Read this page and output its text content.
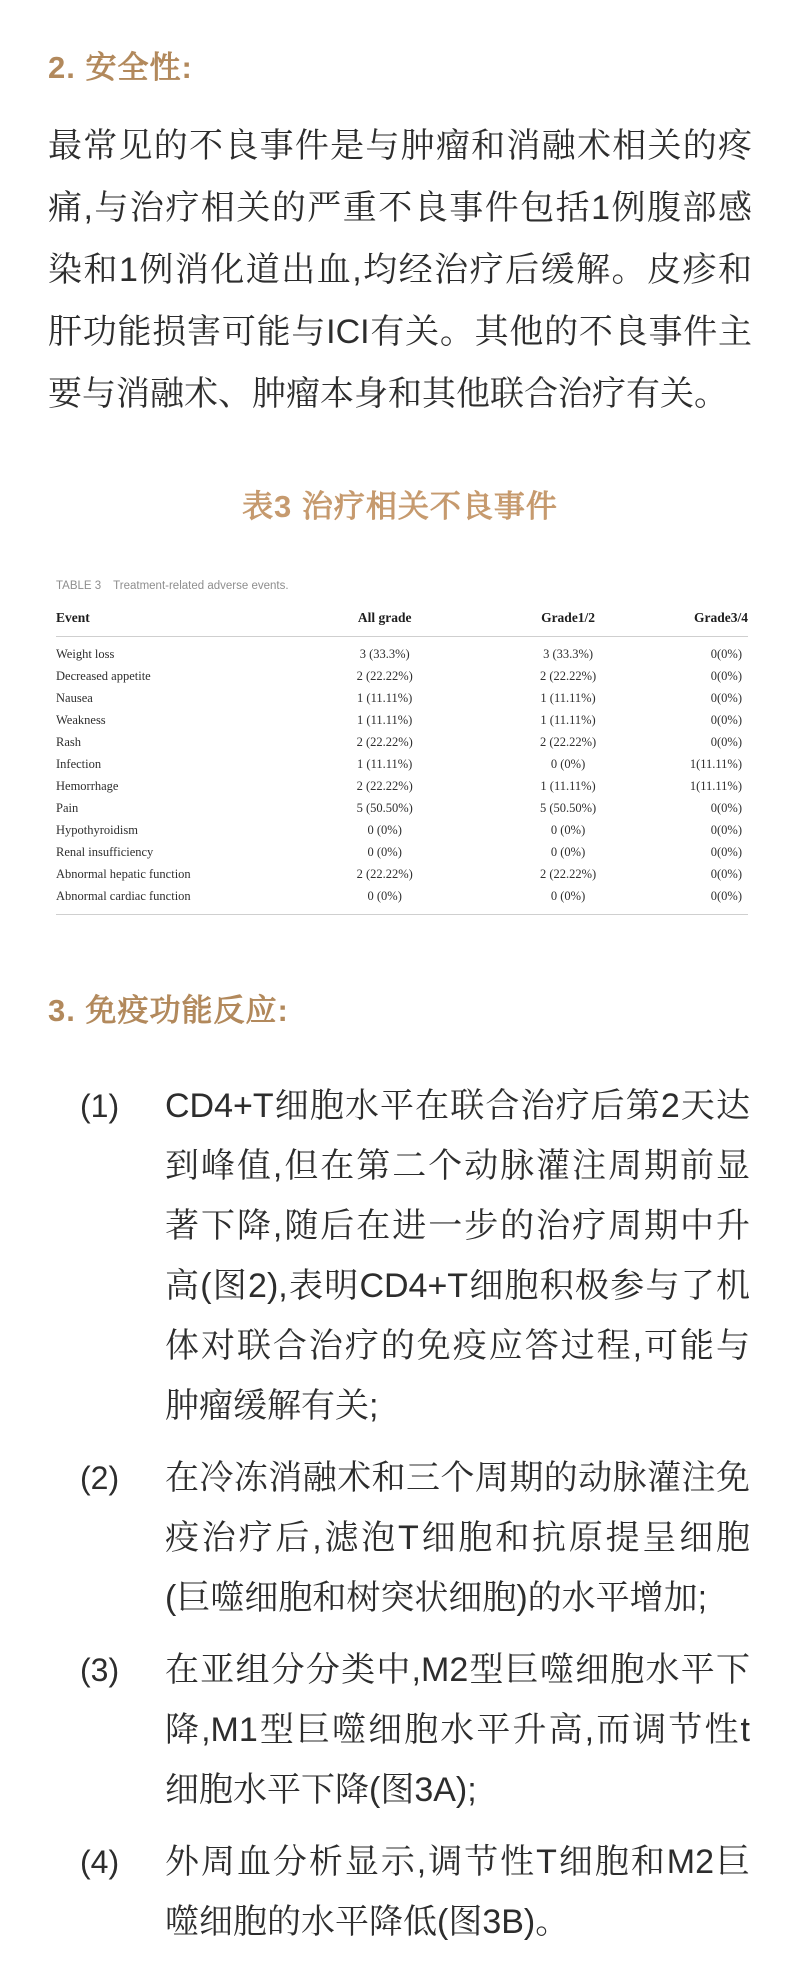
2. 安全性:

最常见的不良事件是与肿瘤和消融术相关的疼痛,与治疗相关的严重不良事件包括1例腹部感染和1例消化道出血,均经治疗后缓解。皮疹和肝功能损害可能与ICI有关。其他的不良事件主要与消融术、肿瘤本身和其他联合治疗有关。

表3 治疗相关不良事件
TABLE 3 Treatment-related adverse events.
Event	All grade	Grade1/2	Grade3/4
Weight loss	3 (33.3%)	3 (33.3%)	0(0%)
Decreased appetite	2 (22.22%)	2 (22.22%)	0(0%)
Nausea	1 (11.11%)	1 (11.11%)	0(0%)
Weakness	1 (11.11%)	1 (11.11%)	0(0%)
Rash	2 (22.22%)	2 (22.22%)	0(0%)
Infection	1 (11.11%)	0 (0%)	1(11.11%)
Hemorrhage	2 (22.22%)	1 (11.11%)	1(11.11%)
Pain	5 (50.50%)	5 (50.50%)	0(0%)
Hypothyroidism	0 (0%)	0 (0%)	0(0%)
Renal insufficiency	0 (0%)	0 (0%)	0(0%)
Abnormal hepatic function	2 (22.22%)	2 (22.22%)	0(0%)
Abnormal cardiac function	0 (0%)	0 (0%)	0(0%)
3. 免疫功能反应:
(1)	CD4+T细胞水平在联合治疗后第2天达到峰值,但在第二个动脉灌注周期前显著下降,随后在进一步的治疗周期中升高(图2),表明CD4+T细胞积极参与了机体对联合治疗的免疫应答过程,可能与肿瘤缓解有关;
(2)	在冷冻消融术和三个周期的动脉灌注免疫治疗后,滤泡T细胞和抗原提呈细胞(巨噬细胞和树突状细胞)的水平增加;
(3)	在亚组分分类中,M2型巨噬细胞水平下降,M1型巨噬细胞水平升高,而调节性t细胞水平下降(图3A);
(4)	外周血分析显示,调节性T细胞和M2巨噬细胞的水平降低(图3B)。
